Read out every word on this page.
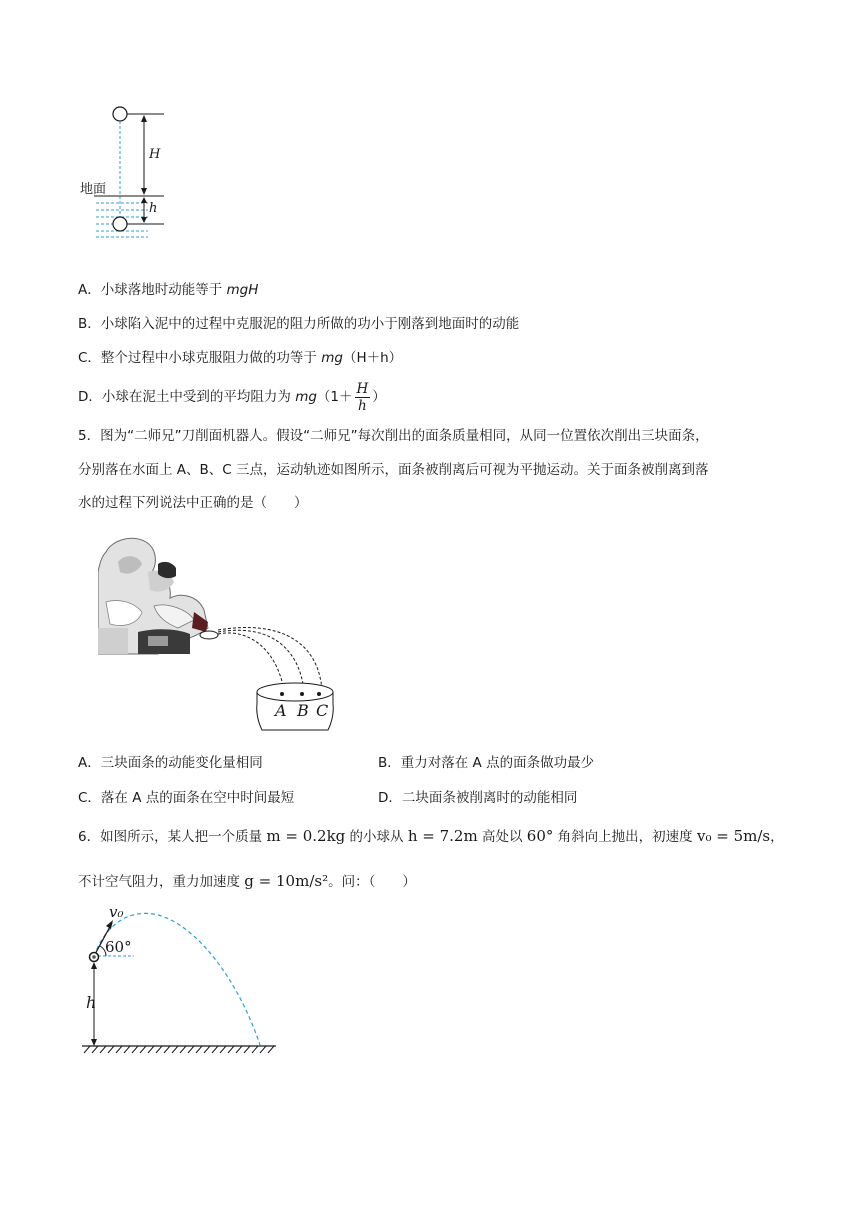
H
h
地面
A．小球落地时动能等于 mgH
B．小球陷入泥中的过程中克服泥的阻力所做的功小于刚落到地面时的动能
C．整个过程中小球克服阻力做的功等于 mg（H＋h）
D．小球在泥土中受到的平均阻力为 $mg(1+ \frac{H}{h}$ ）
5．图为“二师兄”刀削面机器人。假设“二师兄”每次削出的面条质量相同，从同一位置依次削出三块面条，
分别落在水面上 A、B、C 三点，运动轨迹如图所示，面条被削离后可视为平抛运动。关于面条被削离到落
水的过程下列说法中正确的是（　　）
A B C
A．三块面条的动能变化量相同	B．重力对落在 A 点的面条做功最少
C．落在 A 点的面条在空中时间最短	D．二块面条被削离时的动能相同
6．如图所示，某人把一个质量 m = 0.2kg 的小球从 h = 7.2m 高处以 60° 角斜向上抛出，初速度 v₀ = 5m/s，
不计空气阻力，重力加速度 g = 10m/s²。问：（　　）
v₀
60°
h
